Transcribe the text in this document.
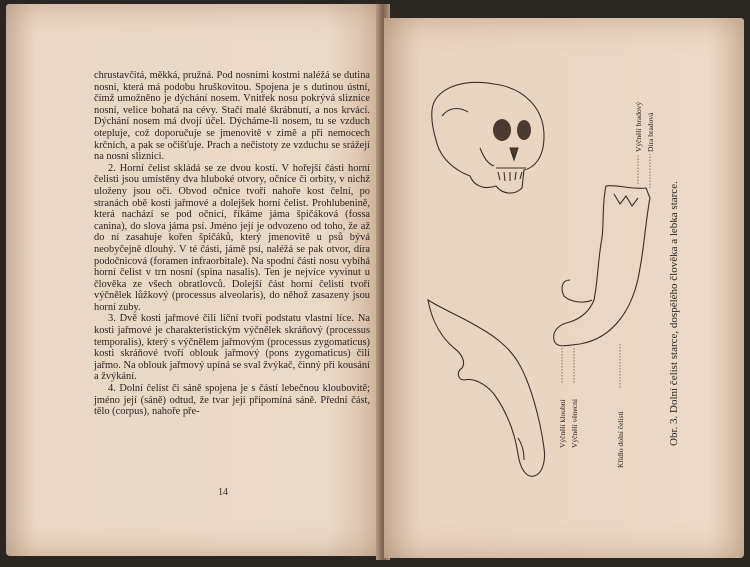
chrustavčitá, měkká, pružná. Pod nosními kostmi naléžá se dutina nosní, která má podobu hruškovitou. Spojena je s dutinou ústní, čímž umožněno je dýchání nosem. Vnitřek nosu pokrývá sliznice nosní, velice bohatá na cévy. Stačí malé škrábnutí, a nos krvácí. Dýchání nosem má dvojí účel. Dýcháme-li nosem, tu se vzduch otepluje, což doporučuje se jmenovitě v zimě a při nemocech krčních, a pak se očišťuje. Prach a nečistoty ze vzduchu se srážejí na nosní sliznici.

2. Horní čelist skládá se ze dvou kostí. V hořejší části horní čelisti jsou umístěny dva hluboké otvory, očnice či orbity, v nichž uloženy jsou oči. Obvod očnice tvoří nahoře kost čelní, po stranách obě kosti jařmové a dolejšek horní čelist. Prohlubenině, která nachází se pod očnicí, říkáme jáma špičáková (fossa canina), do slova jáma psí. Jméno její je odvozeno od toho, že až do ní zasahuje kořen špičáků, který jmenovitě u psů bývá neobyčejně dlouhý. V té části, jámě psí, naléžá se pak otvor, díra podočnicová (foramen infraorbitale). Na spodní části nosu vybíhá horní čelist v trn nosní (spina nasalis). Ten je nejvíce vyvinut u člověka ze všech obratlovců. Dolejší část horní čelisti tvoří výčnělek lůžkový (processus alveolaris), do něhož zasazeny jsou horní zuby.

3. Dvě kosti jařmové čili líční tvoří podstatu vlastní líce. Na kosti jařmové je charakteristickým výčnělek skráňový (processus temporalis), který s výčnělem jařmovým (processus zygomaticus) kosti skráňové tvoří oblouk jařmový (pons zygomaticus) čili jařmo. Na oblouk jařmový upíná se sval žvýkač, činný při kousání a žvýkání.

4. Dolní čelist či sáně spojena je s částí lebečnou kloubovitě; jméno její (sáně) odtud, že tvar její připomíná sáně. Přední část, tělo (corpus), nahoře pře-

14
Výčnělí bradový Díra bradová
Výčnělí kloubní Výčnělí věnecní	Křídlo dolní čelisti	Obr. 3. Dolní čelist starce, dospělého člověka a lebka starce.
